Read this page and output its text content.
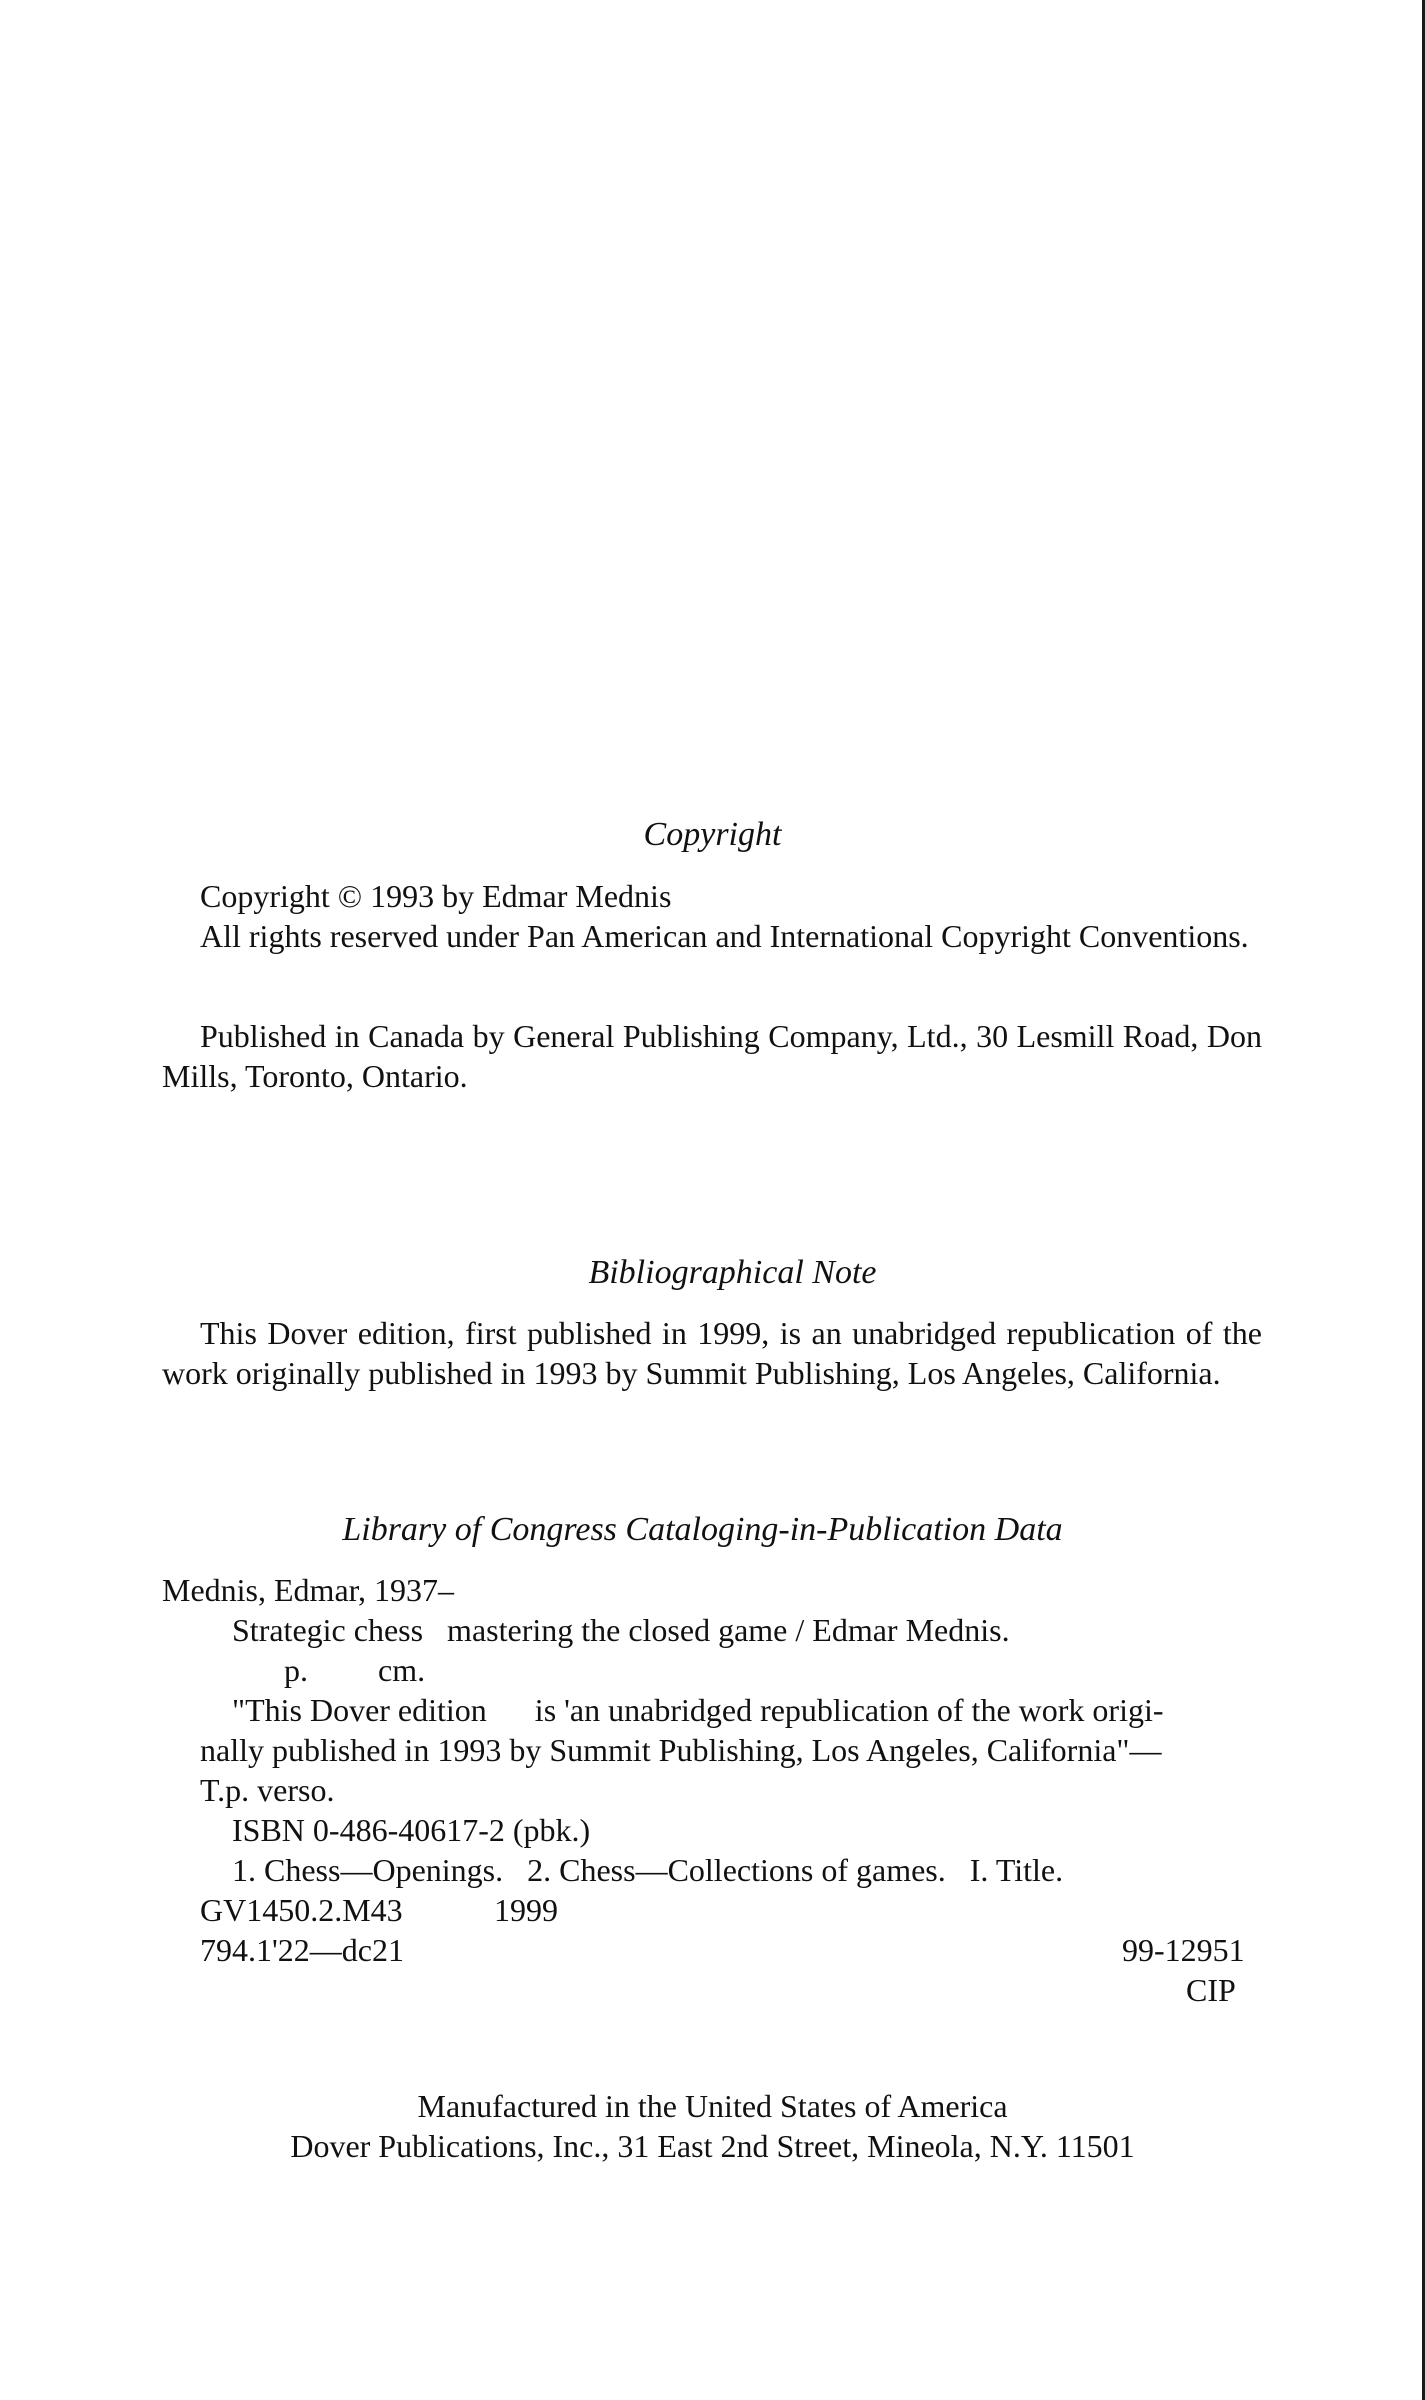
Copyright
Copyright © 1993 by Edmar Mednis
All rights reserved under Pan American and International Copyright Conventions.
Published in Canada by General Publishing Company, Ltd., 30 Lesmill Road, Don Mills, Toronto, Ontario.
Bibliographical Note
This Dover edition, first published in 1999, is an unabridged republication of the work originally published in 1993 by Summit Publishing, Los Angeles, California.
Library of Congress Cataloging-in-Publication Data
Mednis, Edmar, 1937–
Strategic chess   mastering the closed game / Edmar Mednis.
p. cm.
"This Dover edition      is 'an unabridged republication of the work origi-
nally published in 1993 by Summit Publishing, Los Angeles, California"—
T.p. verso.
ISBN 0-486-40617-2 (pbk.)
1. Chess—Openings.   2. Chess—Collections of games.   I. Title.
GV1450.2.M43	1999
794.1'22—dc21	99-12951
CIP
Manufactured in the United States of America
Dover Publications, Inc., 31 East 2nd Street, Mineola, N.Y. 11501
